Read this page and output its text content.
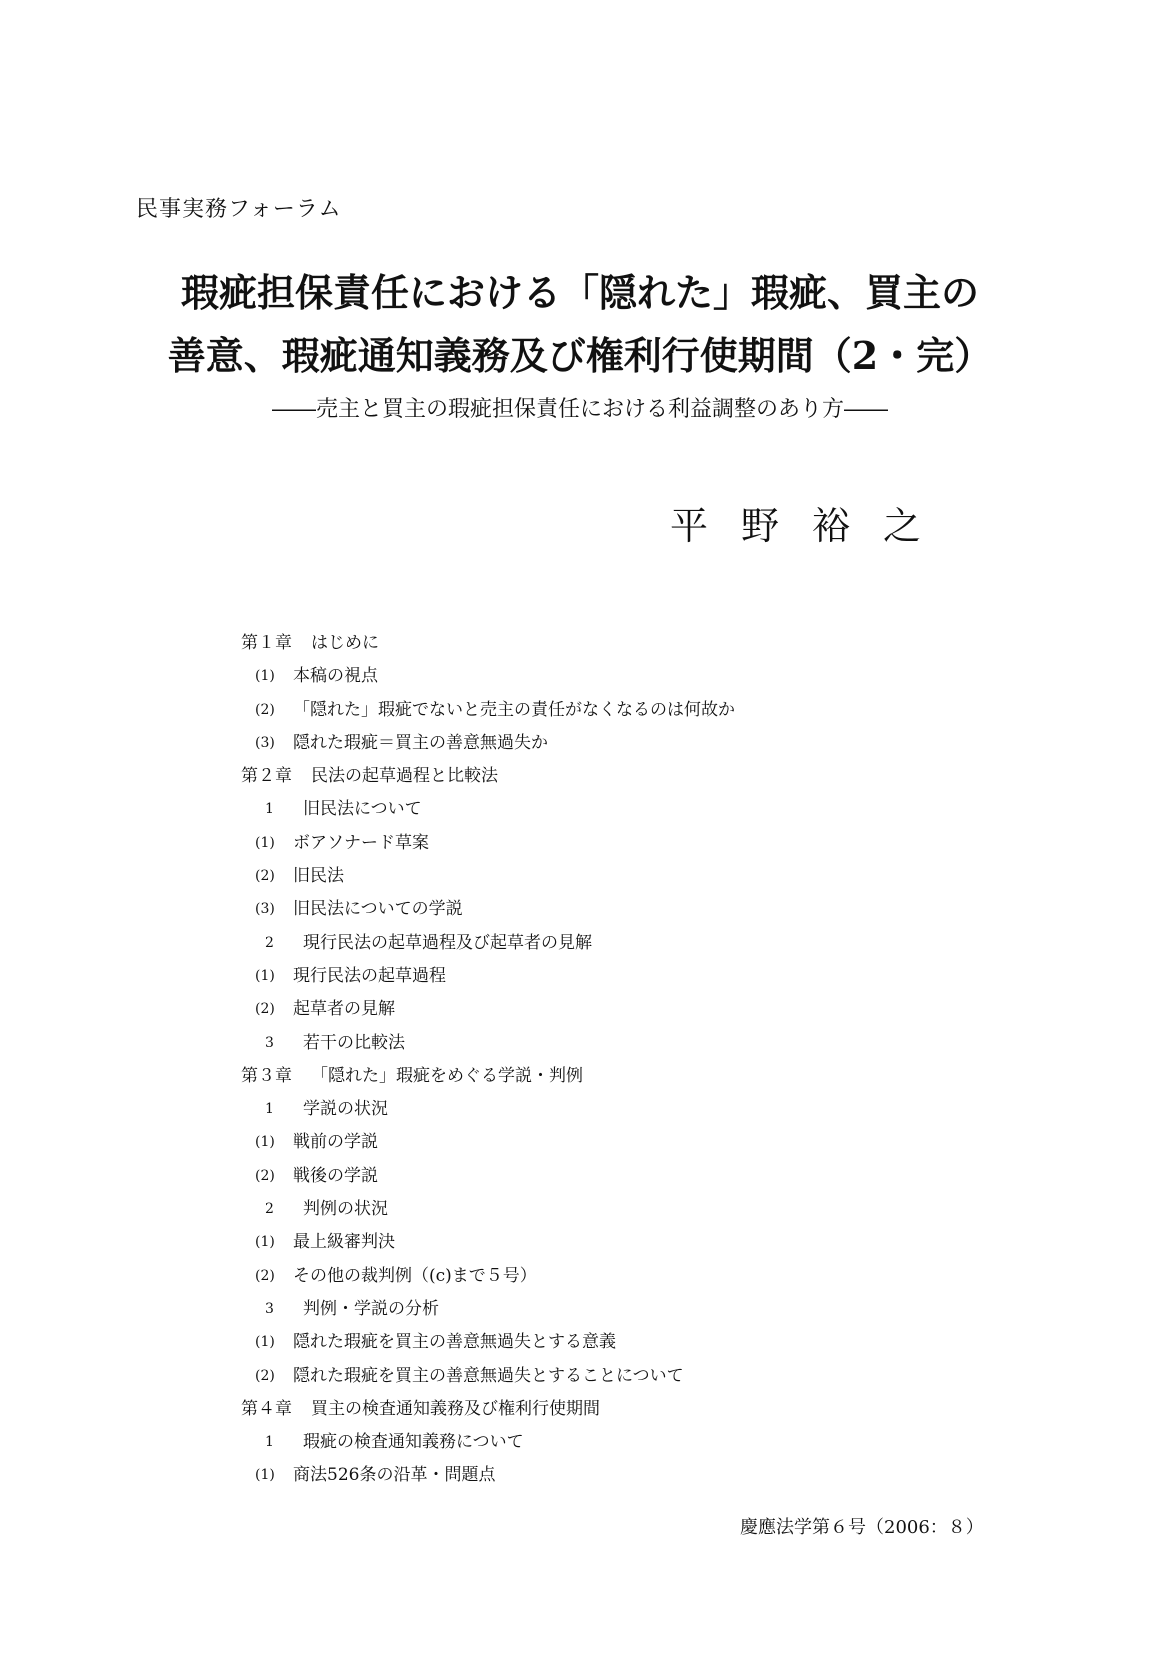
民事実務フォーラム
瑕疵担保責任における「隠れた」瑕疵、買主の
善意、瑕疵通知義務及び権利行使期間（2・完）
――売主と買主の瑕疵担保責任における利益調整のあり方――
平野裕之
第１章	はじめに
(1)	本稿の視点
(2)	「隠れた」瑕疵でないと売主の責任がなくなるのは何故か
(3)	隠れた瑕疵＝買主の善意無過失か
第２章	民法の起草過程と比較法
1	旧民法について
(1)	ボアソナード草案
(2)	旧民法
(3)	旧民法についての学説
2	現行民法の起草過程及び起草者の見解
(1)	現行民法の起草過程
(2)	起草者の見解
3	若干の比較法
第３章	「隠れた」瑕疵をめぐる学説・判例
1	学説の状況
(1)	戦前の学説
(2)	戦後の学説
2	判例の状況
(1)	最上級審判決
(2)	その他の裁判例（(c)まで５号）
3	判例・学説の分析
(1)	隠れた瑕疵を買主の善意無過失とする意義
(2)	隠れた瑕疵を買主の善意無過失とすることについて
第４章	買主の検査通知義務及び権利行使期間
1	瑕疵の検査通知義務について
(1)	商法526条の沿革・問題点
慶應法学第６号（2006：８）
